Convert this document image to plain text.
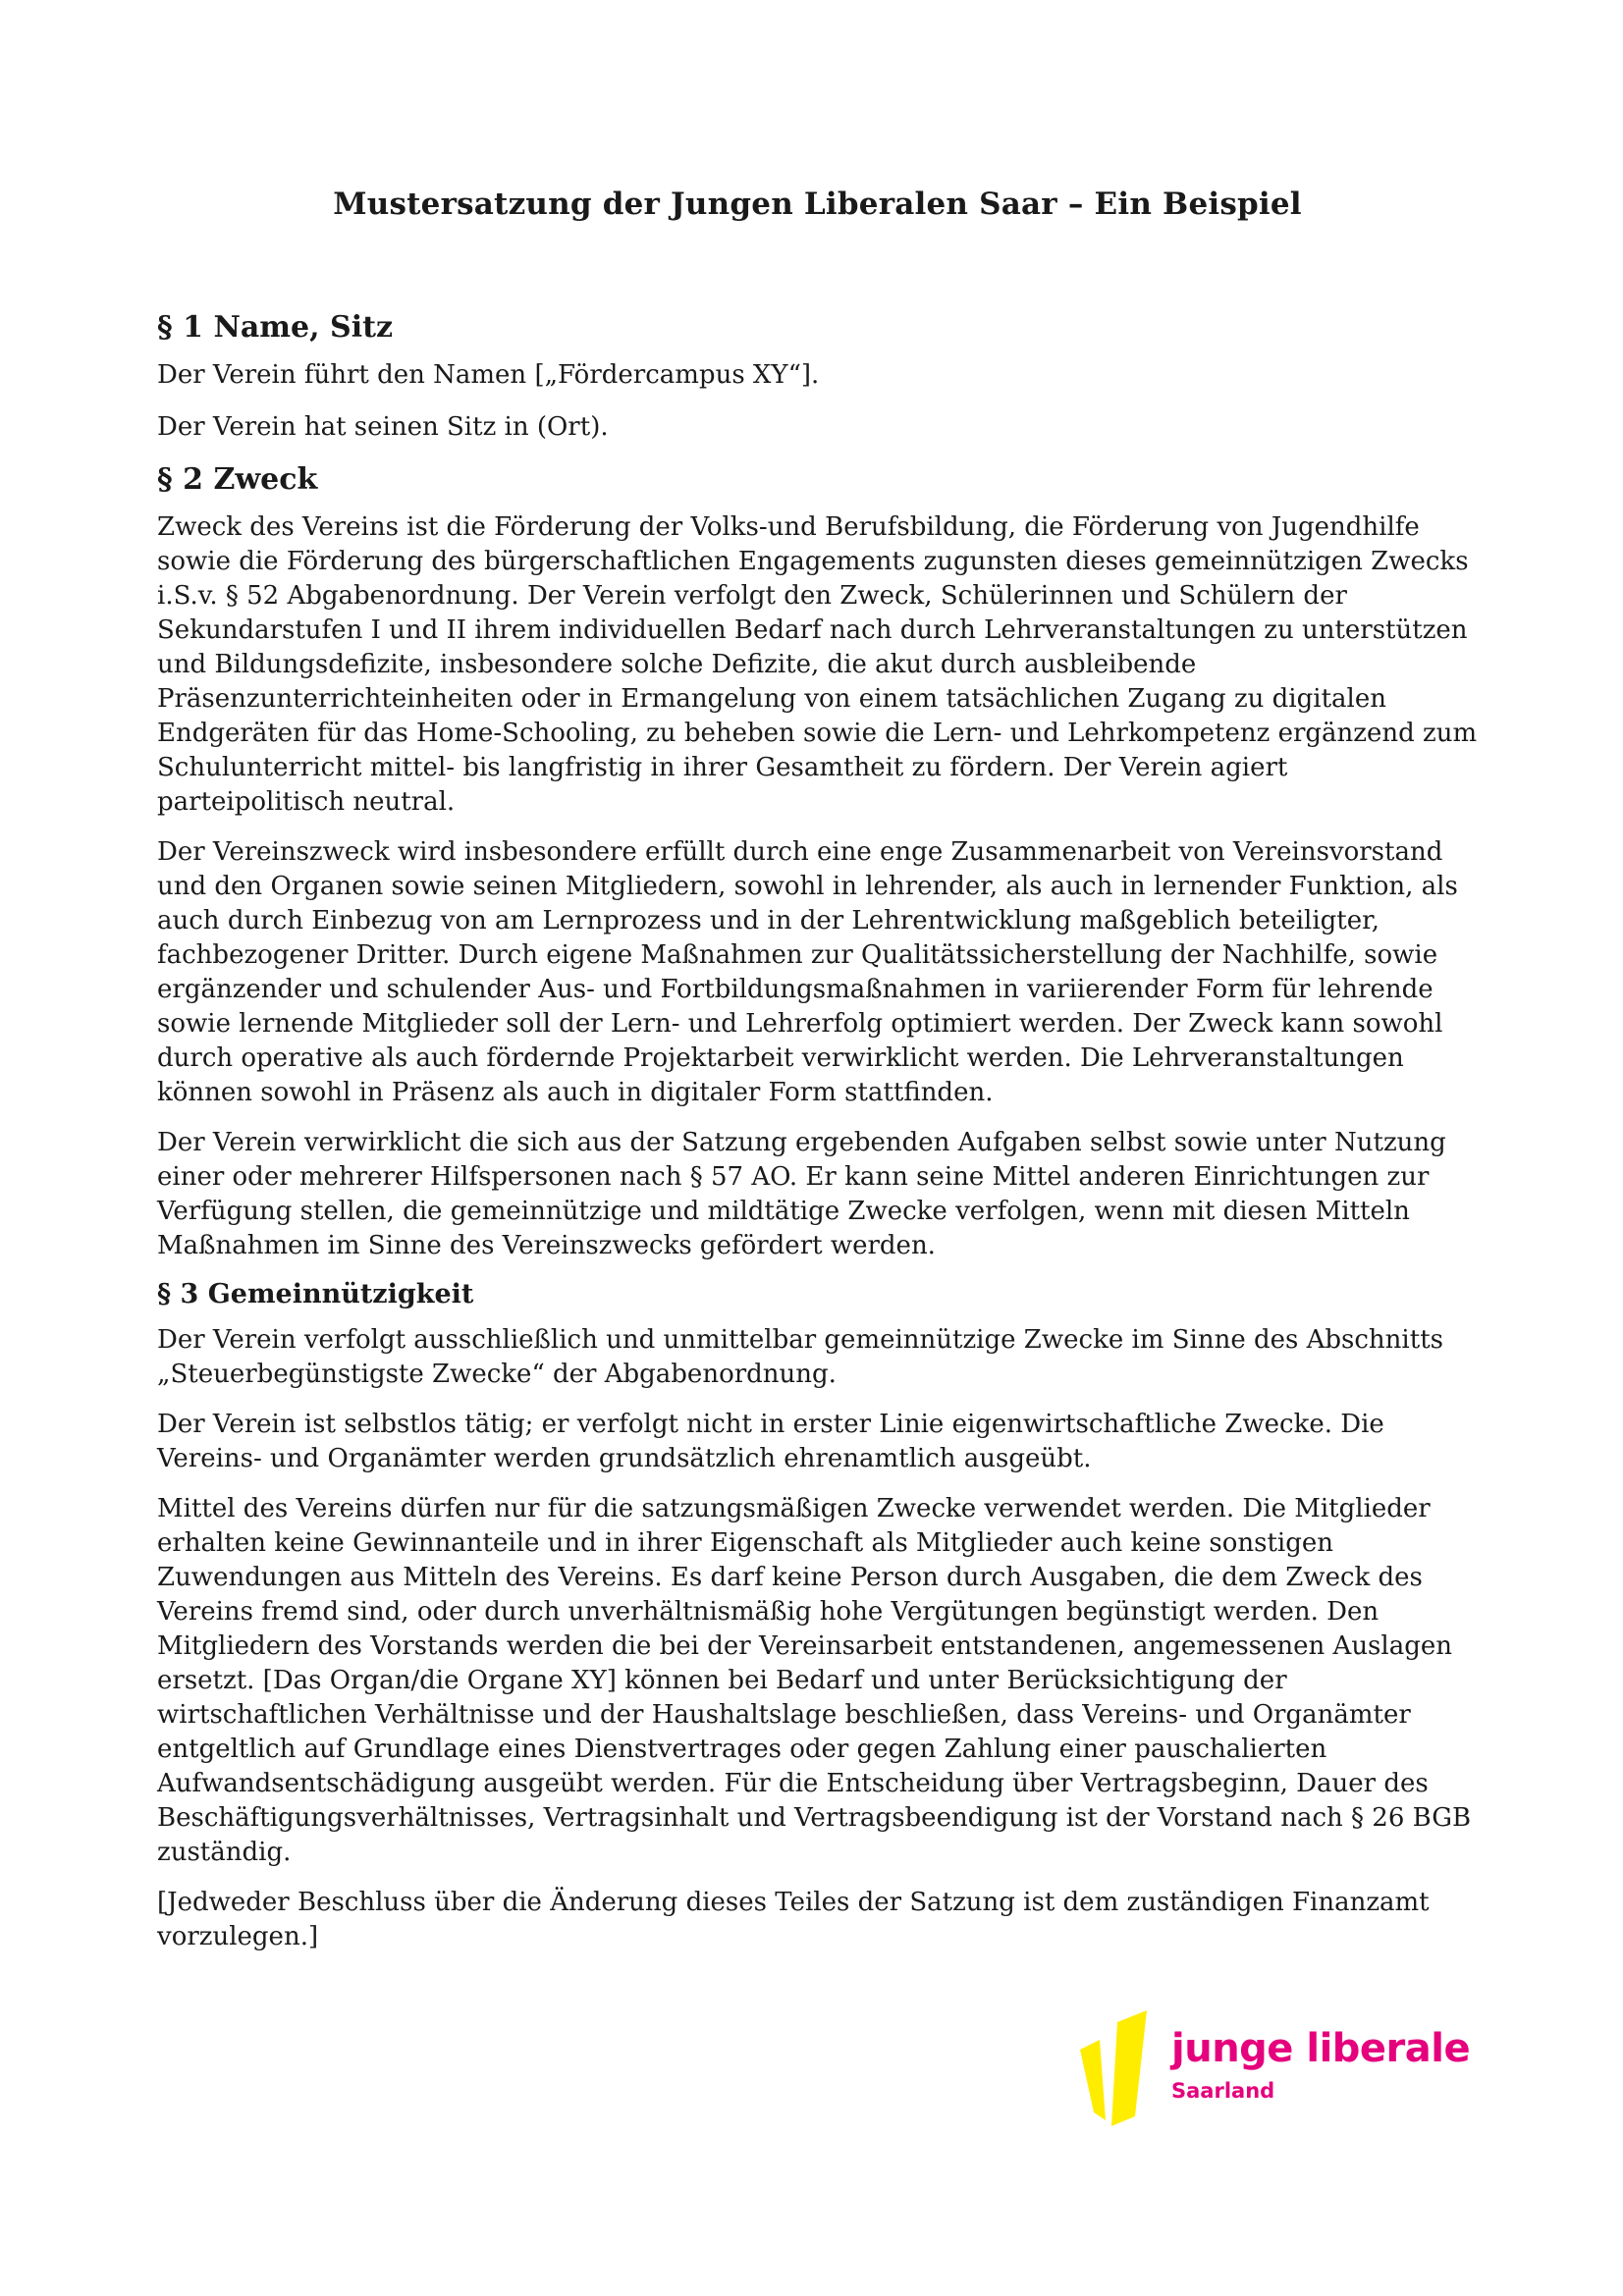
Mustersatzung der Jungen Liberalen Saar – Ein Beispiel
§ 1 Name, Sitz

Der Verein führt den Namen [„Fördercampus XY“].

Der Verein hat seinen Sitz in (Ort).

§ 2 Zweck

Zweck des Vereins ist die Förderung der Volks-und Berufsbildung, die Förderung von Jugendhilfe sowie die Förderung des bürgerschaftlichen Engagements zugunsten dieses gemeinnützigen Zwecks i.S.v. § 52 Abgabenordnung. Der Verein verfolgt den Zweck, Schülerinnen und Schülern der Sekundarstufen I und II ihrem individuellen Bedarf nach durch Lehrveranstaltungen zu unterstützen und Bildungsdefizite, insbesondere solche Defizite, die akut durch ausbleibende Präsenzunterrichteinheiten oder in Ermangelung von einem tatsächlichen Zugang zu digitalen Endgeräten für das Home-Schooling, zu beheben sowie die Lern- und Lehrkompetenz ergänzend zum Schulunterricht mittel- bis langfristig in ihrer Gesamtheit zu fördern. Der Verein agiert parteipolitisch neutral.

Der Vereinszweck wird insbesondere erfüllt durch eine enge Zusammenarbeit von Vereinsvorstand und den Organen sowie seinen Mitgliedern, sowohl in lehrender, als auch in lernender Funktion, als auch durch Einbezug von am Lernprozess und in der Lehrentwicklung maßgeblich beteiligter, fachbezogener Dritter. Durch eigene Maßnahmen zur Qualitätssicherstellung der Nachhilfe, sowie ergänzender und schulender Aus- und Fortbildungsmaßnahmen in variierender Form für lehrende sowie lernende Mitglieder soll der Lern- und Lehrerfolg optimiert werden. Der Zweck kann sowohl durch operative als auch fördernde Projektarbeit verwirklicht werden. Die Lehrveranstaltungen können sowohl in Präsenz als auch in digitaler Form stattfinden.

Der Verein verwirklicht die sich aus der Satzung ergebenden Aufgaben selbst sowie unter Nutzung einer oder mehrerer Hilfspersonen nach § 57 AO. Er kann seine Mittel anderen Einrichtungen zur Verfügung stellen, die gemeinnützige und mildtätige Zwecke verfolgen, wenn mit diesen Mitteln Maßnahmen im Sinne des Vereinszwecks gefördert werden.

§ 3 Gemeinnützigkeit

Der Verein verfolgt ausschließlich und unmittelbar gemeinnützige Zwecke im Sinne des Abschnitts „Steuerbegünstigste Zwecke“ der Abgabenordnung.

Der Verein ist selbstlos tätig; er verfolgt nicht in erster Linie eigenwirtschaftliche Zwecke. Die Vereins- und Organämter werden grundsätzlich ehrenamtlich ausgeübt.

Mittel des Vereins dürfen nur für die satzungsmäßigen Zwecke verwendet werden. Die Mitglieder erhalten keine Gewinnanteile und in ihrer Eigenschaft als Mitglieder auch keine sonstigen Zuwendungen aus Mitteln des Vereins. Es darf keine Person durch Ausgaben, die dem Zweck des Vereins fremd sind, oder durch unverhältnismäßig hohe Vergütungen begünstigt werden. Den Mitgliedern des Vorstands werden die bei der Vereinsarbeit entstandenen, angemessenen Auslagen ersetzt. [Das Organ/die Organe XY] können bei Bedarf und unter Berücksichtigung der wirtschaftlichen Verhältnisse und der Haushaltslage beschließen, dass Vereins- und Organämter entgeltlich auf Grundlage eines Dienstvertrages oder gegen Zahlung einer pauschalierten Aufwandsentschädigung ausgeübt werden. Für die Entscheidung über Vertragsbeginn, Dauer des Beschäftigungsverhältnisses, Vertragsinhalt und Vertragsbeendigung ist der Vorstand nach § 26 BGB zuständig.

[Jedweder Beschluss über die Änderung dieses Teiles der Satzung ist dem zuständigen Finanzamt vorzulegen.]

junge liberale
Saarland
